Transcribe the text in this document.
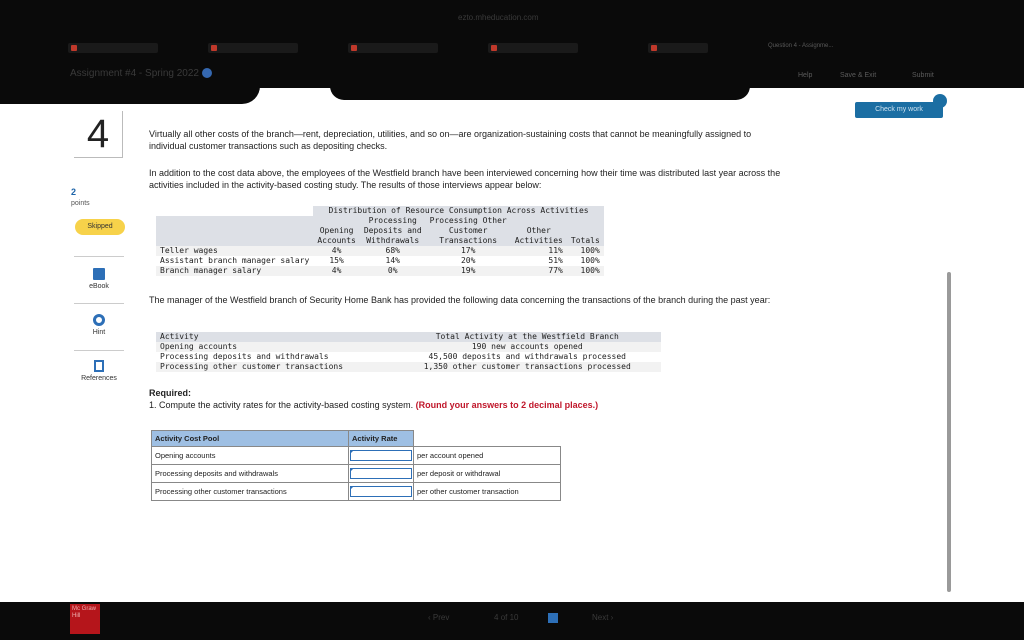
ezto.mheducation.com
Question 4 - Assignme...
Assignment #4 - Spring 2022	Help	Save & Exit	Submit
Check my work
4
2
points
Skipped
eBook
Hint
References
Virtually all other costs of the branch—rent, depreciation, utilities, and so on—are organization-sustaining costs that cannot be meaningfully assigned to individual customer transactions such as depositing checks.
In addition to the cost data above, the employees of the Westfield branch have been interviewed concerning how their time was distributed last year across the activities included in the activity-based costing study. The results of those interviews appear below:
	Distribution of Resource Consumption Across Activities				
		Processing	Processing Other		
	Opening	Deposits and	Customer	Other	
	Accounts	Withdrawals	Transactions	Activities	Totals
Teller wages	4%	68%	17%	11%	100%
Assistant branch manager salary	15%	14%	20%	51%	100%
Branch manager salary	4%	0%	19%	77%	100%
The manager of the Westfield branch of Security Home Bank has provided the following data concerning the transactions of the branch during the past year:
Activity	Total Activity at the Westfield Branch
Opening accounts	190 new accounts opened
Processing deposits and withdrawals	45,500 deposits and withdrawals processed
Processing other customer transactions	1,350 other customer transactions processed
Required:
1. Compute the activity rates for the activity-based costing system. (Round your answers to 2 decimal places.)
Activity Cost Pool	Activity Rate	
Opening accounts		per account opened
Processing deposits and withdrawals		per deposit or withdrawal
Processing other customer transactions		per other customer transaction
Mc Graw Hill	‹ Prev	4 of 10	Next ›
